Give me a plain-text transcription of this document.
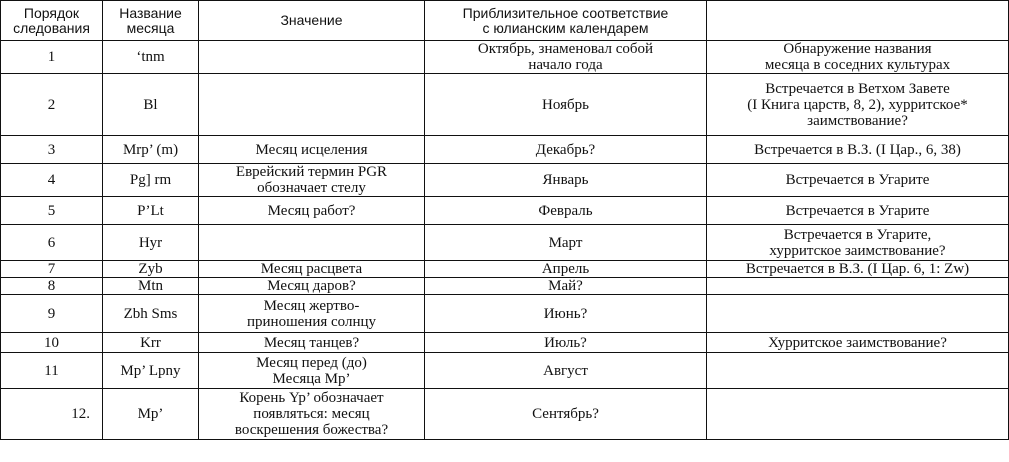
Порядок
следования	Название
месяца	Значение	Приблизительное соответствие
с юлианским календарем	
1	‘tnm		Октябрь, знаменовал собой
начало года	Обнаружение названия
месяца в соседних культурах
2	Bl		Ноябрь	Встречается в Ветхом Завете
(I Книга царств, 8, 2), хурритское*
заимствование?
3	Mrp’ (m)	Месяц исцеления	Декабрь?	Встречается в В.З. (I Цар., 6, 38)
4	Pg] rm	Еврейский термин PGR
обозначает стелу	Январь	Встречается в Угарите
5	P’Lt	Месяц работ?	Февраль	Встречается в Угарите
6	Hyr		Март	Встречается в Угарите,
хурритское заимствование?
7	Zyb	Месяц расцвета	Апрель	Встречается в В.З. (I Цар. 6, 1: Zw)
8	Mtn	Месяц даров?	Май?	
9	Zbh Sms	Месяц жертво-
приношения солнцу	Июнь?	
10	Krr	Месяц танцев?	Июль?	Хурритское заимствование?
11	Mp’ Lpny	Месяц перед (до)
Месяца Mp’	Август	
12.	Mp’	Корень Yp’ обозначает
появляться: месяц
воскрешения божества?	Сентябрь?	
